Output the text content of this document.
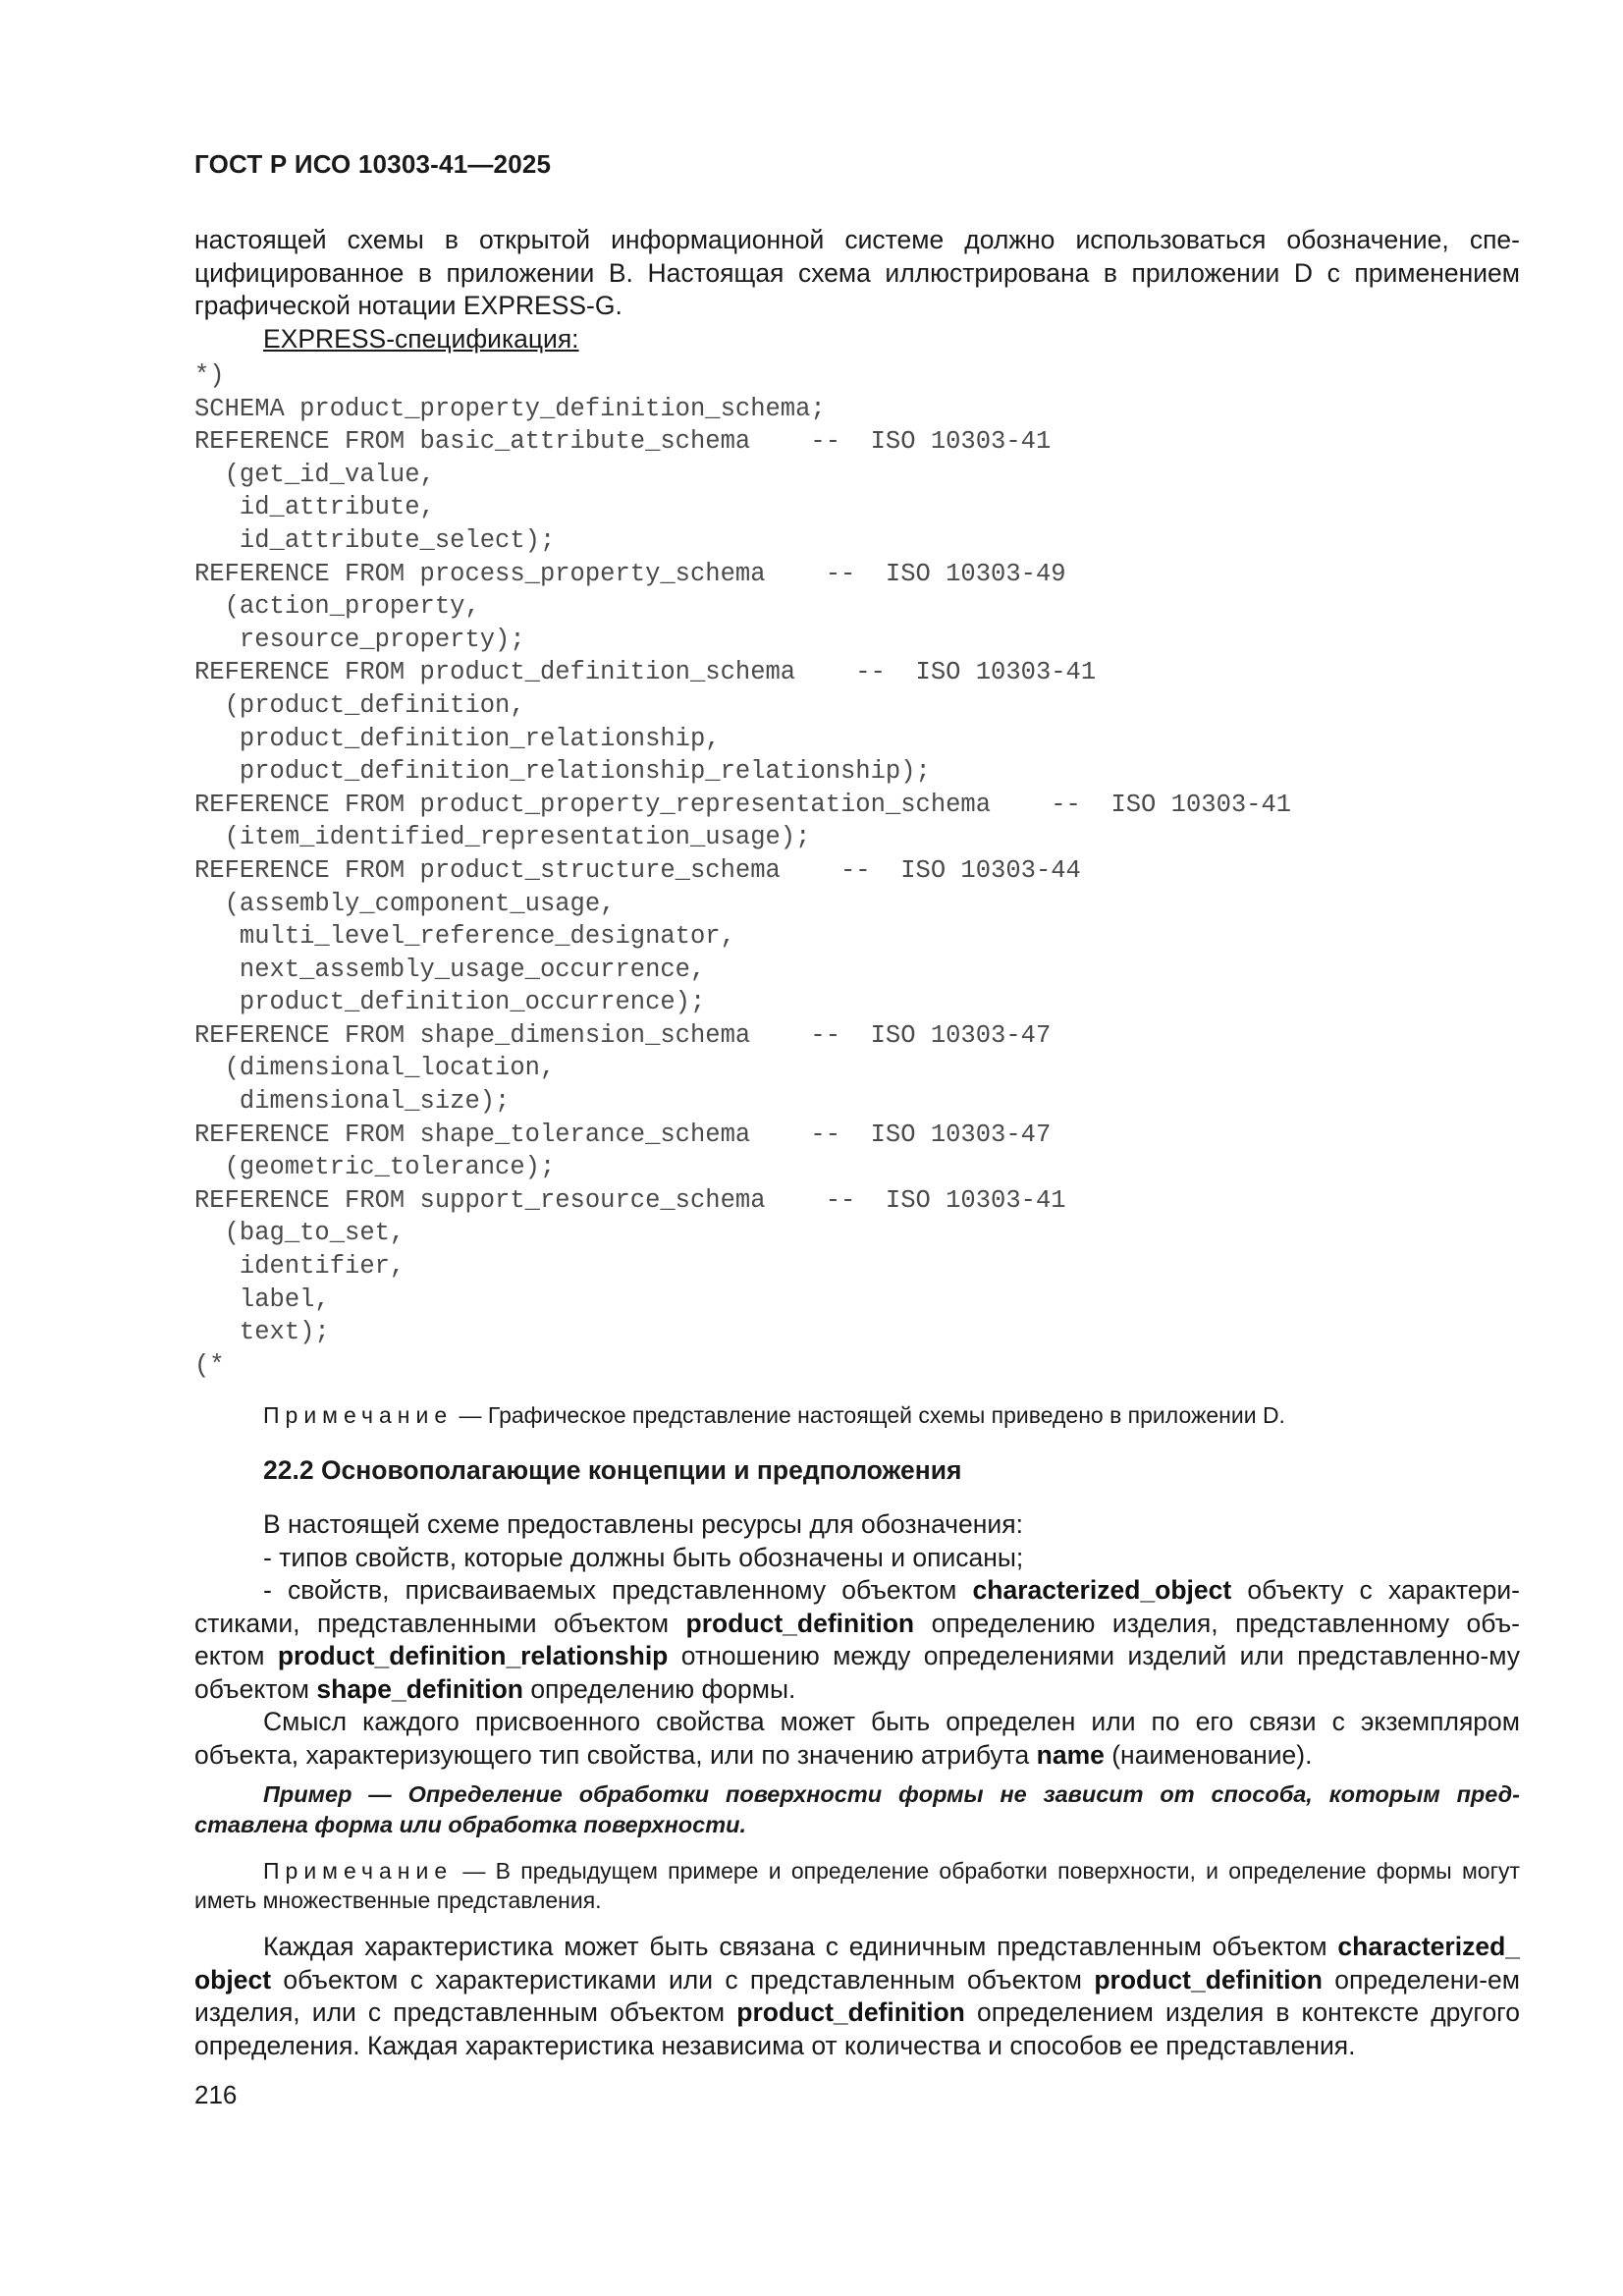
ГОСТ Р ИСО 10303-41—2025

настоящей схемы в открытой информационной системе должно использоваться обозначение, спе-

цифицированное в приложении В. Настоящая схема иллюстрирована в приложении D с применением

графической нотации EXPRESS-G.

EXPRESS-спецификация:

*)
SCHEMA product_property_definition_schema;
REFERENCE FROM basic_attribute_schema    --  ISO 10303-41
(get_id_value,
id_attribute,
id_attribute_select);
REFERENCE FROM process_property_schema    --  ISO 10303-49
(action_property,
resource_property);
REFERENCE FROM product_definition_schema    --  ISO 10303-41
(product_definition,
product_definition_relationship,
product_definition_relationship_relationship);
REFERENCE FROM product_property_representation_schema    --  ISO 10303-41
(item_identified_representation_usage);
REFERENCE FROM product_structure_schema    --  ISO 10303-44
(assembly_component_usage,
multi_level_reference_designator,
next_assembly_usage_occurrence,
product_definition_occurrence);
REFERENCE FROM shape_dimension_schema    --  ISO 10303-47
(dimensional_location,
dimensional_size);
REFERENCE FROM shape_tolerance_schema    --  ISO 10303-47
(geometric_tolerance);
REFERENCE FROM support_resource_schema    --  ISO 10303-41
(bag_to_set,
identifier,
label,
text);
(*

Примечание — Графическое представление настоящей схемы приведено в приложении D.

22.2 Основополагающие концепции и предположения

В настоящей схеме предоставлены ресурсы для обозначения:

- типов свойств, которые должны быть обозначены и описаны;

- свойств, присваиваемых представленному объектом characterized_object объекту с характери-стиками, представленными объектом product_definition определению изделия, представленному объ-ектом product_definition_relationship отношению между определениями изделий или представленно-му объектом shape_definition определению формы.

Смысл каждого присвоенного свойства может быть определен или по его связи с экземпляром объекта, характеризующего тип свойства, или по значению атрибута name (наименование).

Пример — Определение обработки поверхности формы не зависит от способа, которым пред-ставлена форма или обработка поверхности.

Примечание — В предыдущем примере и определение обработки поверхности, и определение формы могут иметь множественные представления.

Каждая характеристика может быть связана с единичным представленным объектом characterized_ object объектом с характеристиками или с представленным объектом product_definition определени-ем изделия, или с представленным объектом product_definition определением изделия в контексте другого определения. Каждая характеристика независима от количества и способов ее представления.

216
